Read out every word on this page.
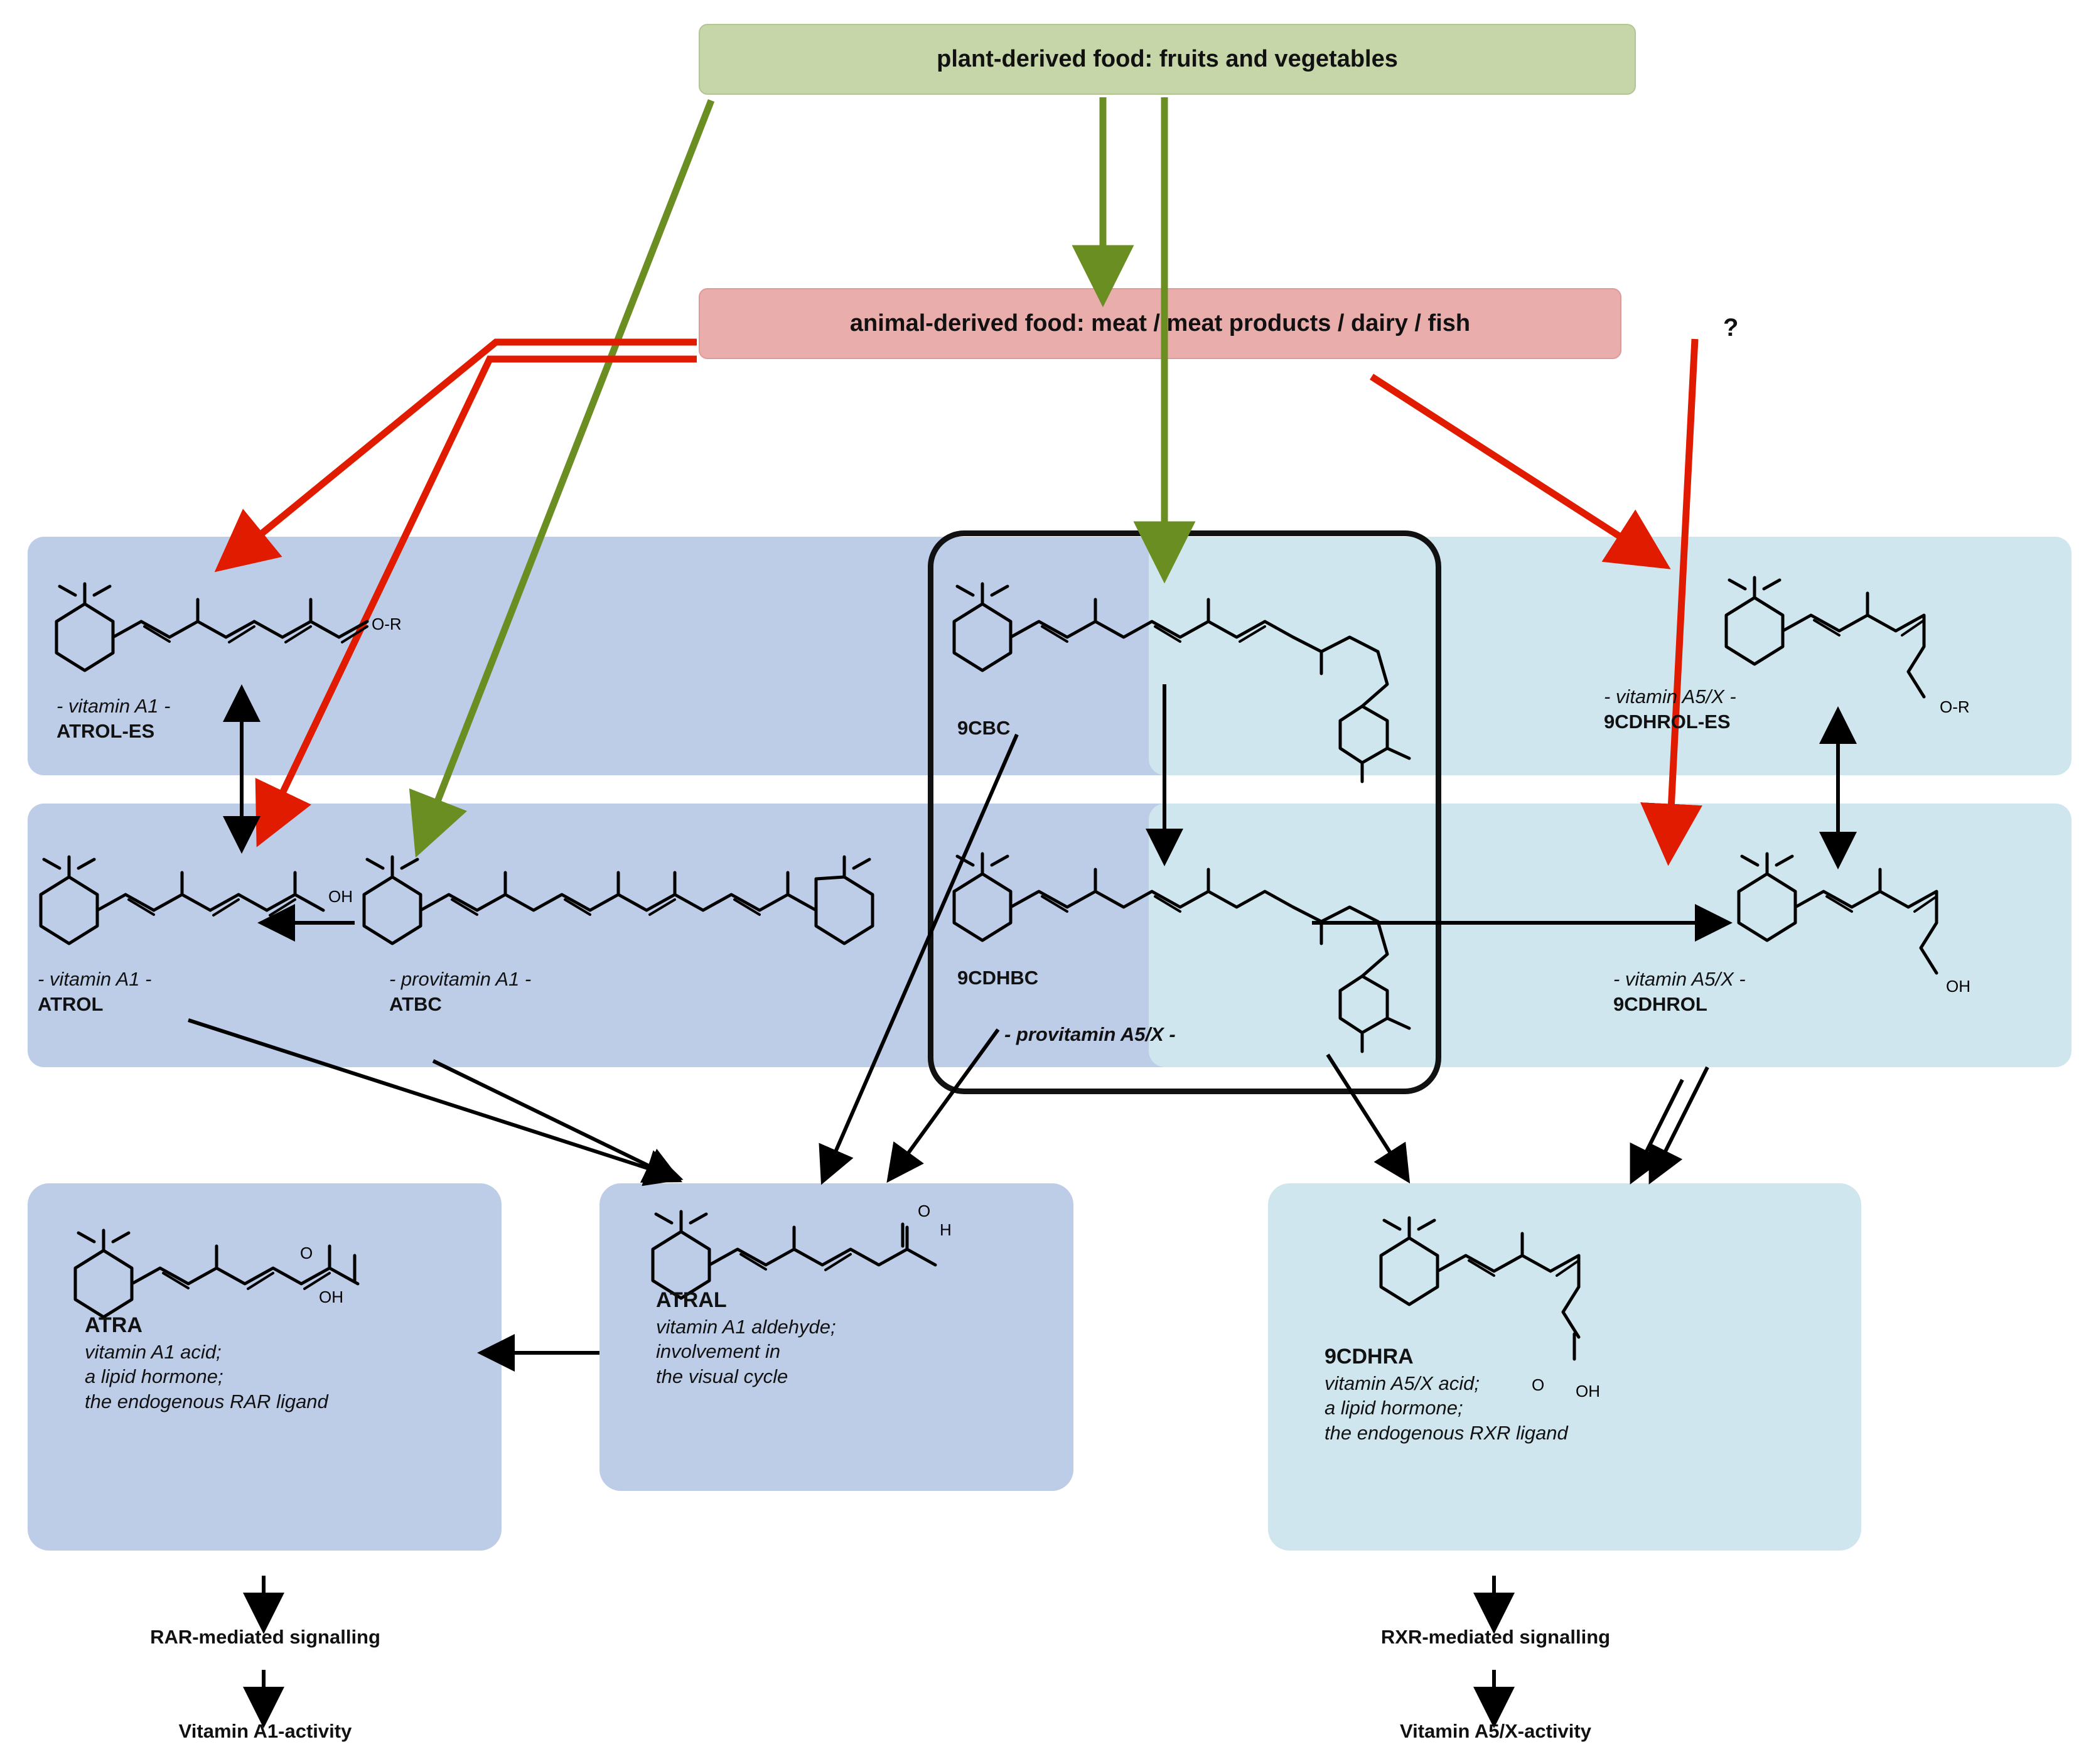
plant-derived food: fruits and vegetables
animal-derived food: meat / meat products / dairy / fish	?
O-R
OH
O-R
OH
OH
O
H
O
OH
O
- vitamin A1 -
ATROL-ES	9CBC
- vitamin A5/X -
9CDHROL-ES
- vitamin A1 -
ATROL
- provitamin A1 -
ATBC
9CDHBC	- vitamin A5/X -
9CDHROL
- provitamin A5/X -
ATRA
vitamin A1 acid;
a lipid hormone;
the endogenous RAR ligand
ATRAL
vitamin A1 aldehyde;
involvement in
the visual cycle
9CDHRA
vitamin A5/X acid;
a lipid hormone;
the endogenous RXR ligand
RAR-mediated signalling
Vitamin A1-activity
RXR-mediated signalling
Vitamin A5/X-activity
